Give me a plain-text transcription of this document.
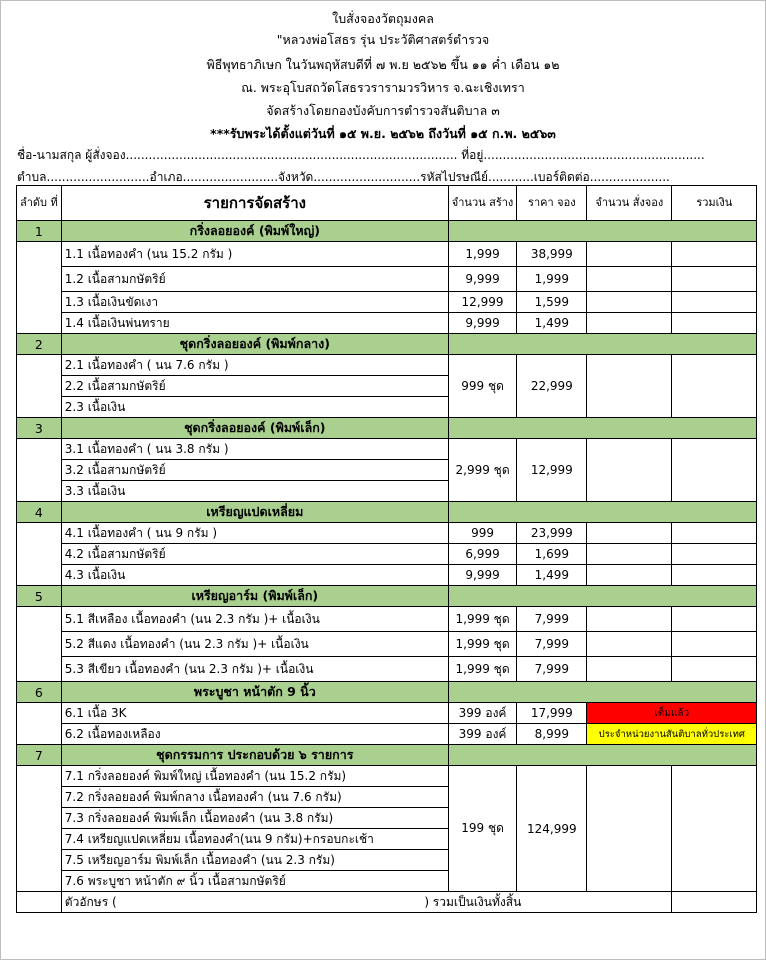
ใบสั่งจองวัตถุมงคล
"หลวงพ่อโสธร รุ่น ประวัติศาสตร์ตำรวจ
พิธีพุทธาภิเษก ในวันพฤหัสบดีที่ ๗ พ.ย ๒๕๖๒ ขึ้น ๑๑ ค่ำ เดือน ๑๒
ณ. พระอุโบสถวัดโสธรวรารามวรวิหาร จ.ฉะเชิงเทรา
จัดสร้างโดยกองบังคับการตำรวจสันติบาล ๓
***รับพระได้ตั้งแต่วันที่ ๑๕ พ.ย. ๒๕๖๒ ถึงวันที่ ๑๕ ก.พ. ๒๕๖๓
ชื่อ-นามสกุล ผู้สั่งจอง....................................................................................... ที่อยู่..........................................................
ตำบล...........................อำเภอ.........................จังหวัด............................รหัสไปรษณีย์............เบอร์ติดต่อ.....................
ลำดับ ที่	รายการจัดสร้าง	จำนวน สร้าง	ราคา จอง	จำนวน สั่งจอง	รวมเงิน
1	กริ่งลอยองค์ (พิมพ์ใหญ่)				
	1.1 เนื้อทองคำ (นน 15.2 กรัม )	1,999	38,999		
	1.2 เนื้อสามกษัตริย์	9,999	1,999		
	1.3 เนื้อเงินขัดเงา	12,999	1,599		
	1.4 เนื้อเงินพ่นทราย	9,999	1,499		
2	ชุดกริ่งลอยองค์ (พิมพ์กลาง)				
	2.1 เนื้อทองคำ ( นน 7.6 กรัม )	999 ชุด	22,999		
	2.2 เนื้อสามกษัตริย์				
	2.3 เนื้อเงิน				
3	ชุดกริ่งลอยองค์ (พิมพ์เล็ก)				
	3.1 เนื้อทองคำ ( นน 3.8 กรัม )	2,999 ชุด	12,999		
	3.2 เนื้อสามกษัตริย์				
	3.3 เนื้อเงิน				
4	เหรียญแปดเหลี่ยม				
	4.1 เนื้อทองคำ ( นน 9 กรัม )	999	23,999		
	4.2 เนื้อสามกษัตริย์	6,999	1,699		
	4.3 เนื้อเงิน	9,999	1,499		
5	เหรียญอาร์ม (พิมพ์เล็ก)				
	5.1 สีเหลือง เนื้อทองคำ (นน 2.3 กรัม )+ เนื้อเงิน	1,999 ชุด	7,999		
	5.2 สีแดง เนื้อทองคำ (นน 2.3 กรัม )+ เนื้อเงิน	1,999 ชุด	7,999		
	5.3 สีเขียว เนื้อทองคำ (นน 2.3 กรัม )+ เนื้อเงิน	1,999 ชุด	7,999		
6	พระบูชา หน้าตัก 9 นิ้ว				
	6.1 เนื้อ 3K	399 องค์	17,999	เต็มแล้ว	
	6.2 เนื้อทองเหลือง	399 องค์	8,999	ประจำหน่วยงานสันติบาลทั่วประเทศ	
7	ชุดกรรมการ ประกอบด้วย ๖ รายการ				
	7.1 กริ่งลอยองค์ พิมพ์ใหญ่ เนื้อทองคำ (นน 15.2 กรัม)	199 ชุด	124,999		
	7.2 กริ่งลอยองค์ พิมพ์กลาง เนื้อทองคำ (นน 7.6 กรัม)				
	7.3 กริ่งลอยองค์ พิมพ์เล็ก เนื้อทองคำ (นน 3.8 กรัม)				
	7.4 เหรียญแปดเหลี่ยม เนื้อทองคำ(นน 9 กรัม)+กรอบกะเช้า				
	7.5 เหรียญอาร์ม พิมพ์เล็ก เนื้อทองคำ (นน 2.3 กรัม)				
	7.6 พระบูชา หน้าตัก ๙ นิ้ว เนื้อสามกษัตริย์				
	ตัวอักษร ( ) รวมเป็นเงินทั้งสิ้น				
